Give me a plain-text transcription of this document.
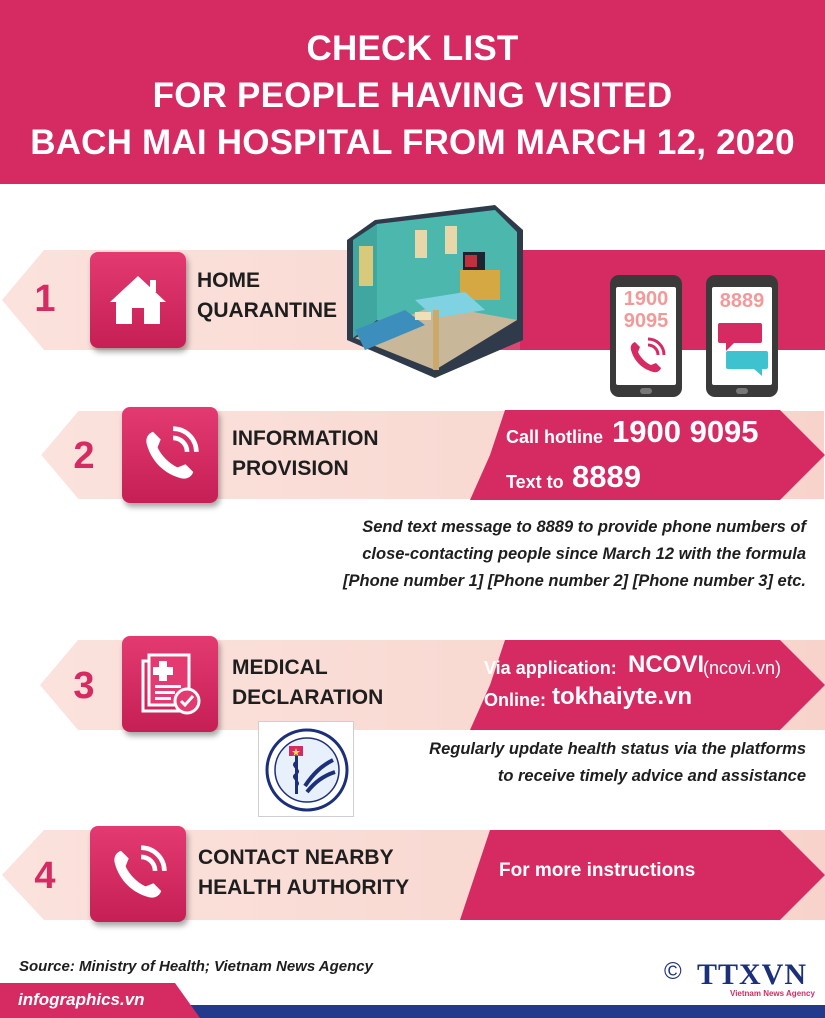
CHECK LIST
FOR PEOPLE HAVING VISITED
BACH MAI HOSPITAL FROM MARCH 12, 2020
1	HOME
QUARANTINE	1900
9095
8889
2	INFORMATION
PROVISION
Call hotline 1900 9095
Text to 8889
Send text message to 8889 to provide phone numbers of
close-contacting people since March 12 with the formula
[Phone number 1] [Phone number 2] [Phone number 3] etc.
3	MEDICAL
DECLARATION
Via application: NCOVI
(ncovi.vn)
Online: tokhaiyte.vn
Regularly update health status via the platforms
to receive timely advice and assistance
4	CONTACT NEARBY
HEALTH AUTHORITY
For more instructions
Source: Ministry of Health; Vietnam News Agency
infographics.vn
© TTXVN
Vietnam News Agency
